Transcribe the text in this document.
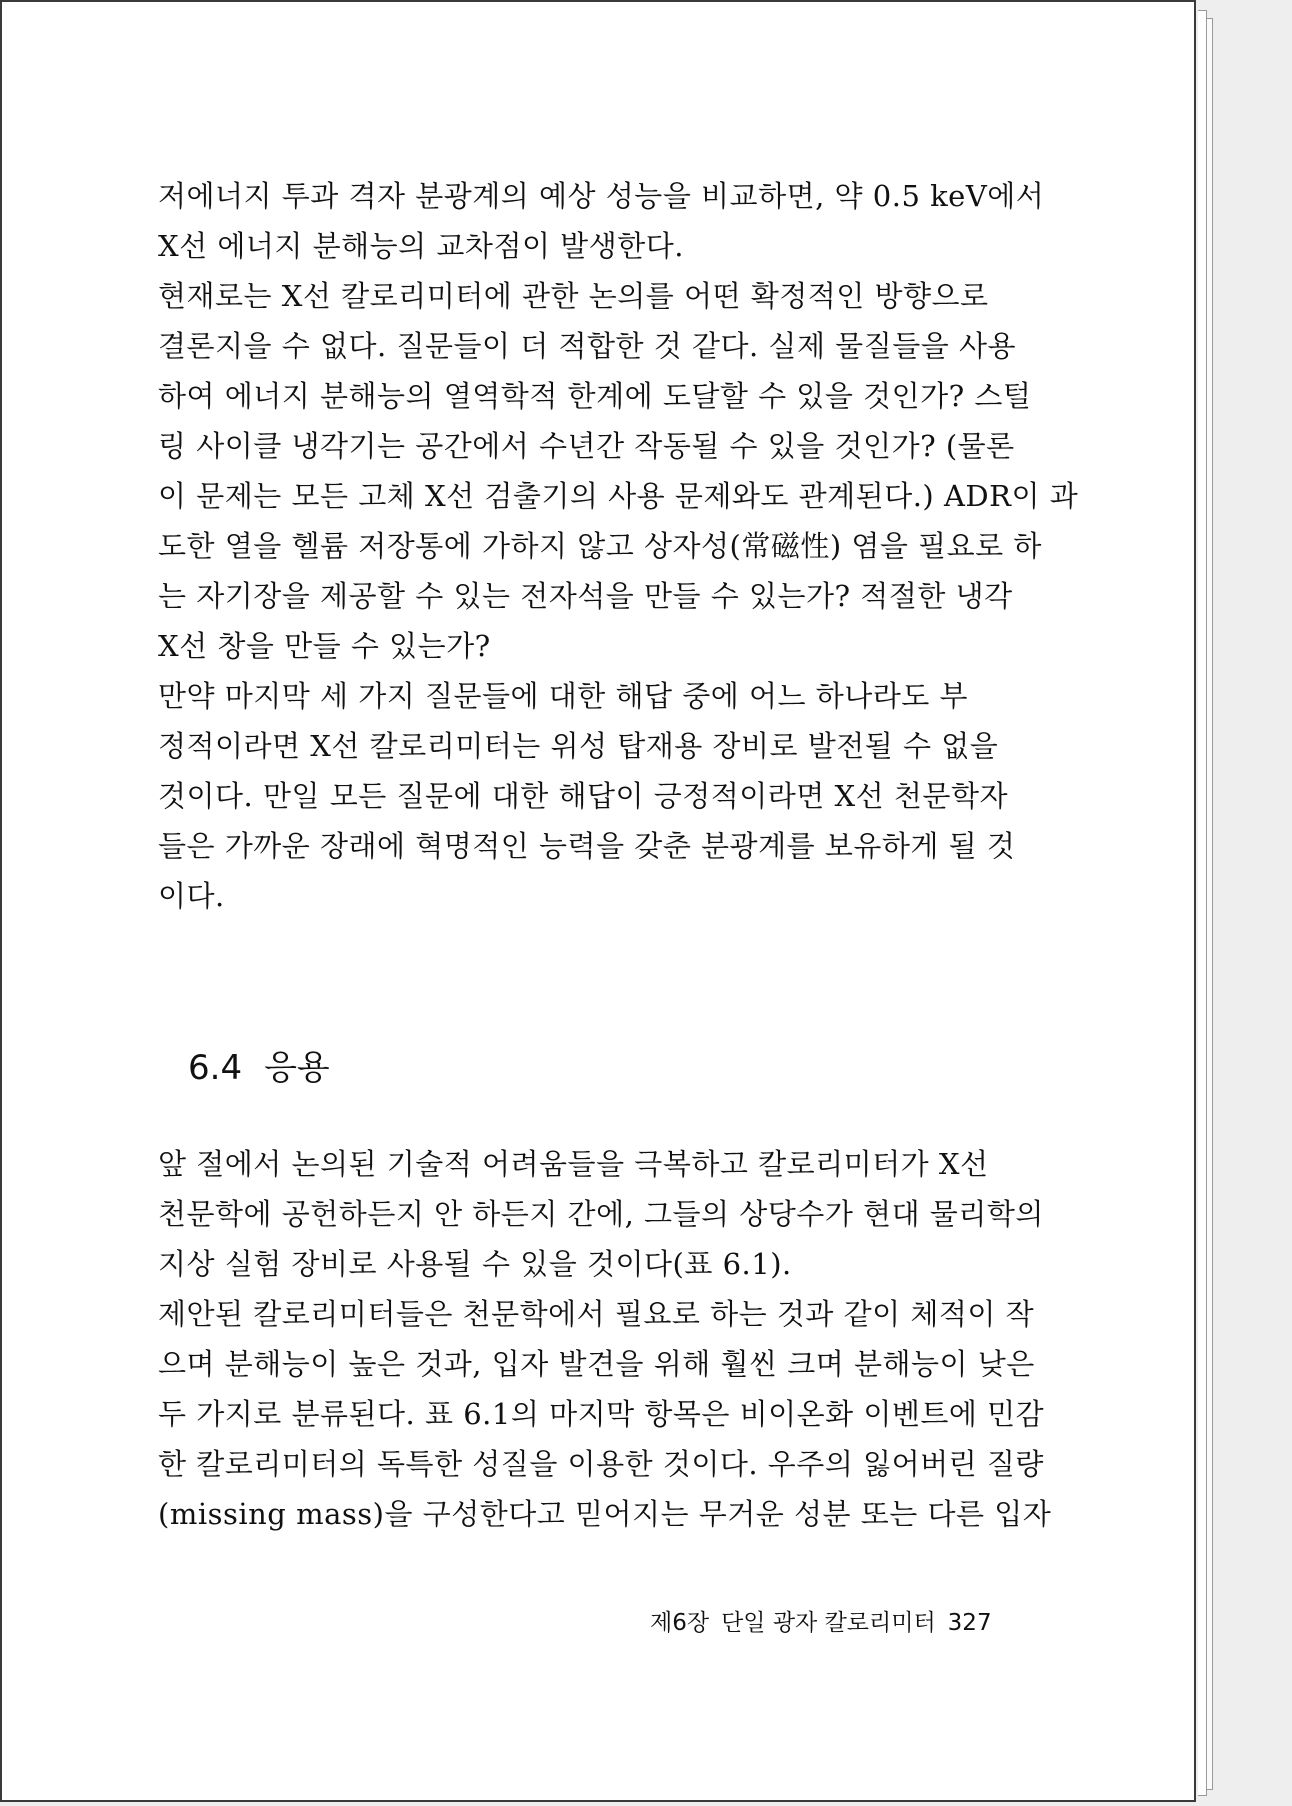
저에너지 투과 격자 분광계의 예상 성능을 비교하면, 약 0.5 keV에서
X선 에너지 분해능의 교차점이 발생한다.
현재로는 X선 칼로리미터에 관한 논의를 어떤 확정적인 방향으로
결론지을 수 없다. 질문들이 더 적합한 것 같다. 실제 물질들을 사용
하여 에너지 분해능의 열역학적 한계에 도달할 수 있을 것인가? 스털
링 사이클 냉각기는 공간에서 수년간 작동될 수 있을 것인가? (물론
이 문제는 모든 고체 X선 검출기의 사용 문제와도 관계된다.) ADR이 과
도한 열을 헬륨 저장통에 가하지 않고 상자성(常磁性) 염을 필요로 하
는 자기장을 제공할 수 있는 전자석을 만들 수 있는가? 적절한 냉각
X선 창을 만들 수 있는가?
만약 마지막 세 가지 질문들에 대한 해답 중에 어느 하나라도 부
정적이라면 X선 칼로리미터는 위성 탑재용 장비로 발전될 수 없을
것이다. 만일 모든 질문에 대한 해답이 긍정적이라면 X선 천문학자
들은 가까운 장래에 혁명적인 능력을 갖춘 분광계를 보유하게 될 것
이다.
6.4 응용
앞 절에서 논의된 기술적 어려움들을 극복하고 칼로리미터가 X선
천문학에 공헌하든지 안 하든지 간에, 그들의 상당수가 현대 물리학의
지상 실험 장비로 사용될 수 있을 것이다(표 6.1).
제안된 칼로리미터들은 천문학에서 필요로 하는 것과 같이 체적이 작
으며 분해능이 높은 것과, 입자 발견을 위해 훨씬 크며 분해능이 낮은
두 가지로 분류된다. 표 6.1의 마지막 항목은 비이온화 이벤트에 민감
한 칼로리미터의 독특한 성질을 이용한 것이다. 우주의 잃어버린 질량
(missing mass)을 구성한다고 믿어지는 무거운 성분 또는 다른 입자
제6장 단일 광자 칼로리미터 327
